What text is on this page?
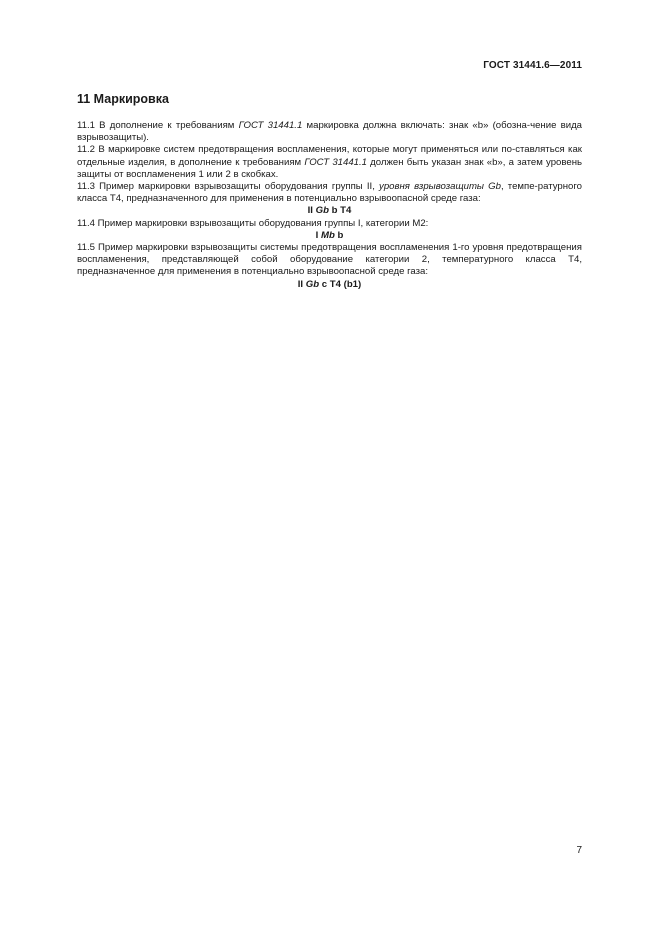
ГОСТ 31441.6—2011
11 Маркировка

11.1 В дополнение к требованиям ГОСТ 31441.1 маркировка должна включать: знак «b» (обозна-чение вида взрывозащиты).

11.2 В маркировке систем предотвращения воспламенения, которые могут применяться или по-ставляться как отдельные изделия, в дополнение к требованиям ГОСТ 31441.1 должен быть указан знак «b», а затем уровень защиты от воспламенения 1 или 2 в скобках.

11.3 Пример маркировки взрывозащиты оборудования группы II, уровня взрывозащиты Gb, темпе-ратурного класса Т4, предназначенного для применения в потенциально взрывоопасной среде газа:

II Gb b T4

11.4 Пример маркировки взрывозащиты оборудования группы I, категории M2:

I Mb b

11.5 Пример маркировки взрывозащиты системы предотвращения воспламенения 1-го уровня предотвращения воспламенения, представляющей собой оборудование категории 2, температурного класса Т4, предназначенное для применения в потенциально взрывоопасной среде газа:

II Gb c T4 (b1)

7
